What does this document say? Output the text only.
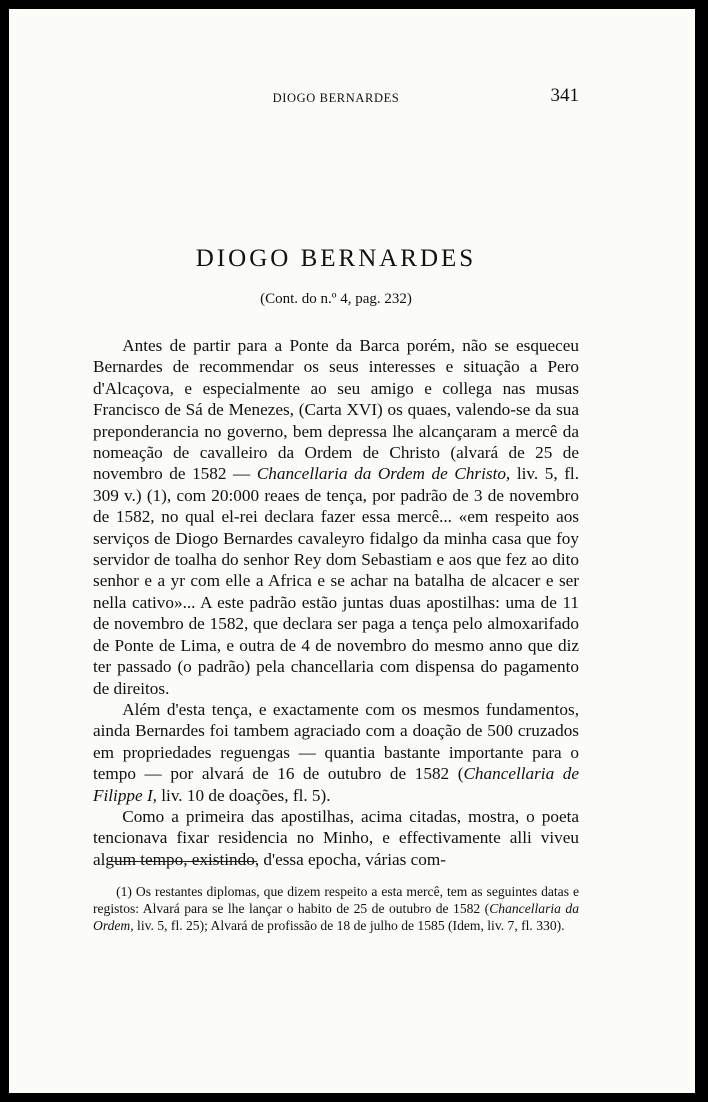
DIOGO BERNARDES	341
DIOGO BERNARDES
(Cont. do n.º 4, pag. 232)

Antes de partir para a Ponte da Barca porém, não se esqueceu Bernardes de recommendar os seus interesses e situação a Pero d'Alcaçova, e especialmente ao seu amigo e collega nas musas Francisco de Sá de Menezes, (Carta XVI) os quaes, valendo-se da sua preponderancia no governo, bem depressa lhe alcançaram a mercê da nomeação de cavalleiro da Ordem de Christo (alvará de 25 de novembro de 1582 — Chancellaria da Ordem de Christo, liv. 5, fl. 309 v.) (1), com 20:000 reaes de tença, por padrão de 3 de novembro de 1582, no qual el-rei declara fazer essa mercê... «em respeito aos serviços de Diogo Bernardes cavaleyro fidalgo da minha casa que foy servidor de toalha do senhor Rey dom Sebastiam e aos que fez ao dito senhor e a yr com elle a Africa e se achar na batalha de alcacer e ser nella cativo»... A este padrão estão juntas duas apostilhas: uma de 11 de novembro de 1582, que declara ser paga a tença pelo almoxarifado de Ponte de Lima, e outra de 4 de novembro do mesmo anno que diz ter passado (o padrão) pela chancellaria com dispensa do pagamento de direitos.

Além d'esta tença, e exactamente com os mesmos fundamentos, ainda Bernardes foi tambem agraciado com a doação de 500 cruzados em propriedades reguengas — quantia bastante importante para o tempo — por alvará de 16 de outubro de 1582 (Chancellaria de Filippe I, liv. 10 de doações, fl. 5).

Como a primeira das apostilhas, acima citadas, mostra, o poeta tencionava fixar residencia no Minho, e effectivamente alli viveu algum tempo, existindo, d'essa epocha, várias com-

(1) Os restantes diplomas, que dizem respeito a esta mercê, tem as seguintes datas e registos: Alvará para se lhe lançar o habito de 25 de outubro de 1582 (Chancellaria da Ordem, liv. 5, fl. 25); Alvará de profissão de 18 de julho de 1585 (Idem, liv. 7, fl. 330).
